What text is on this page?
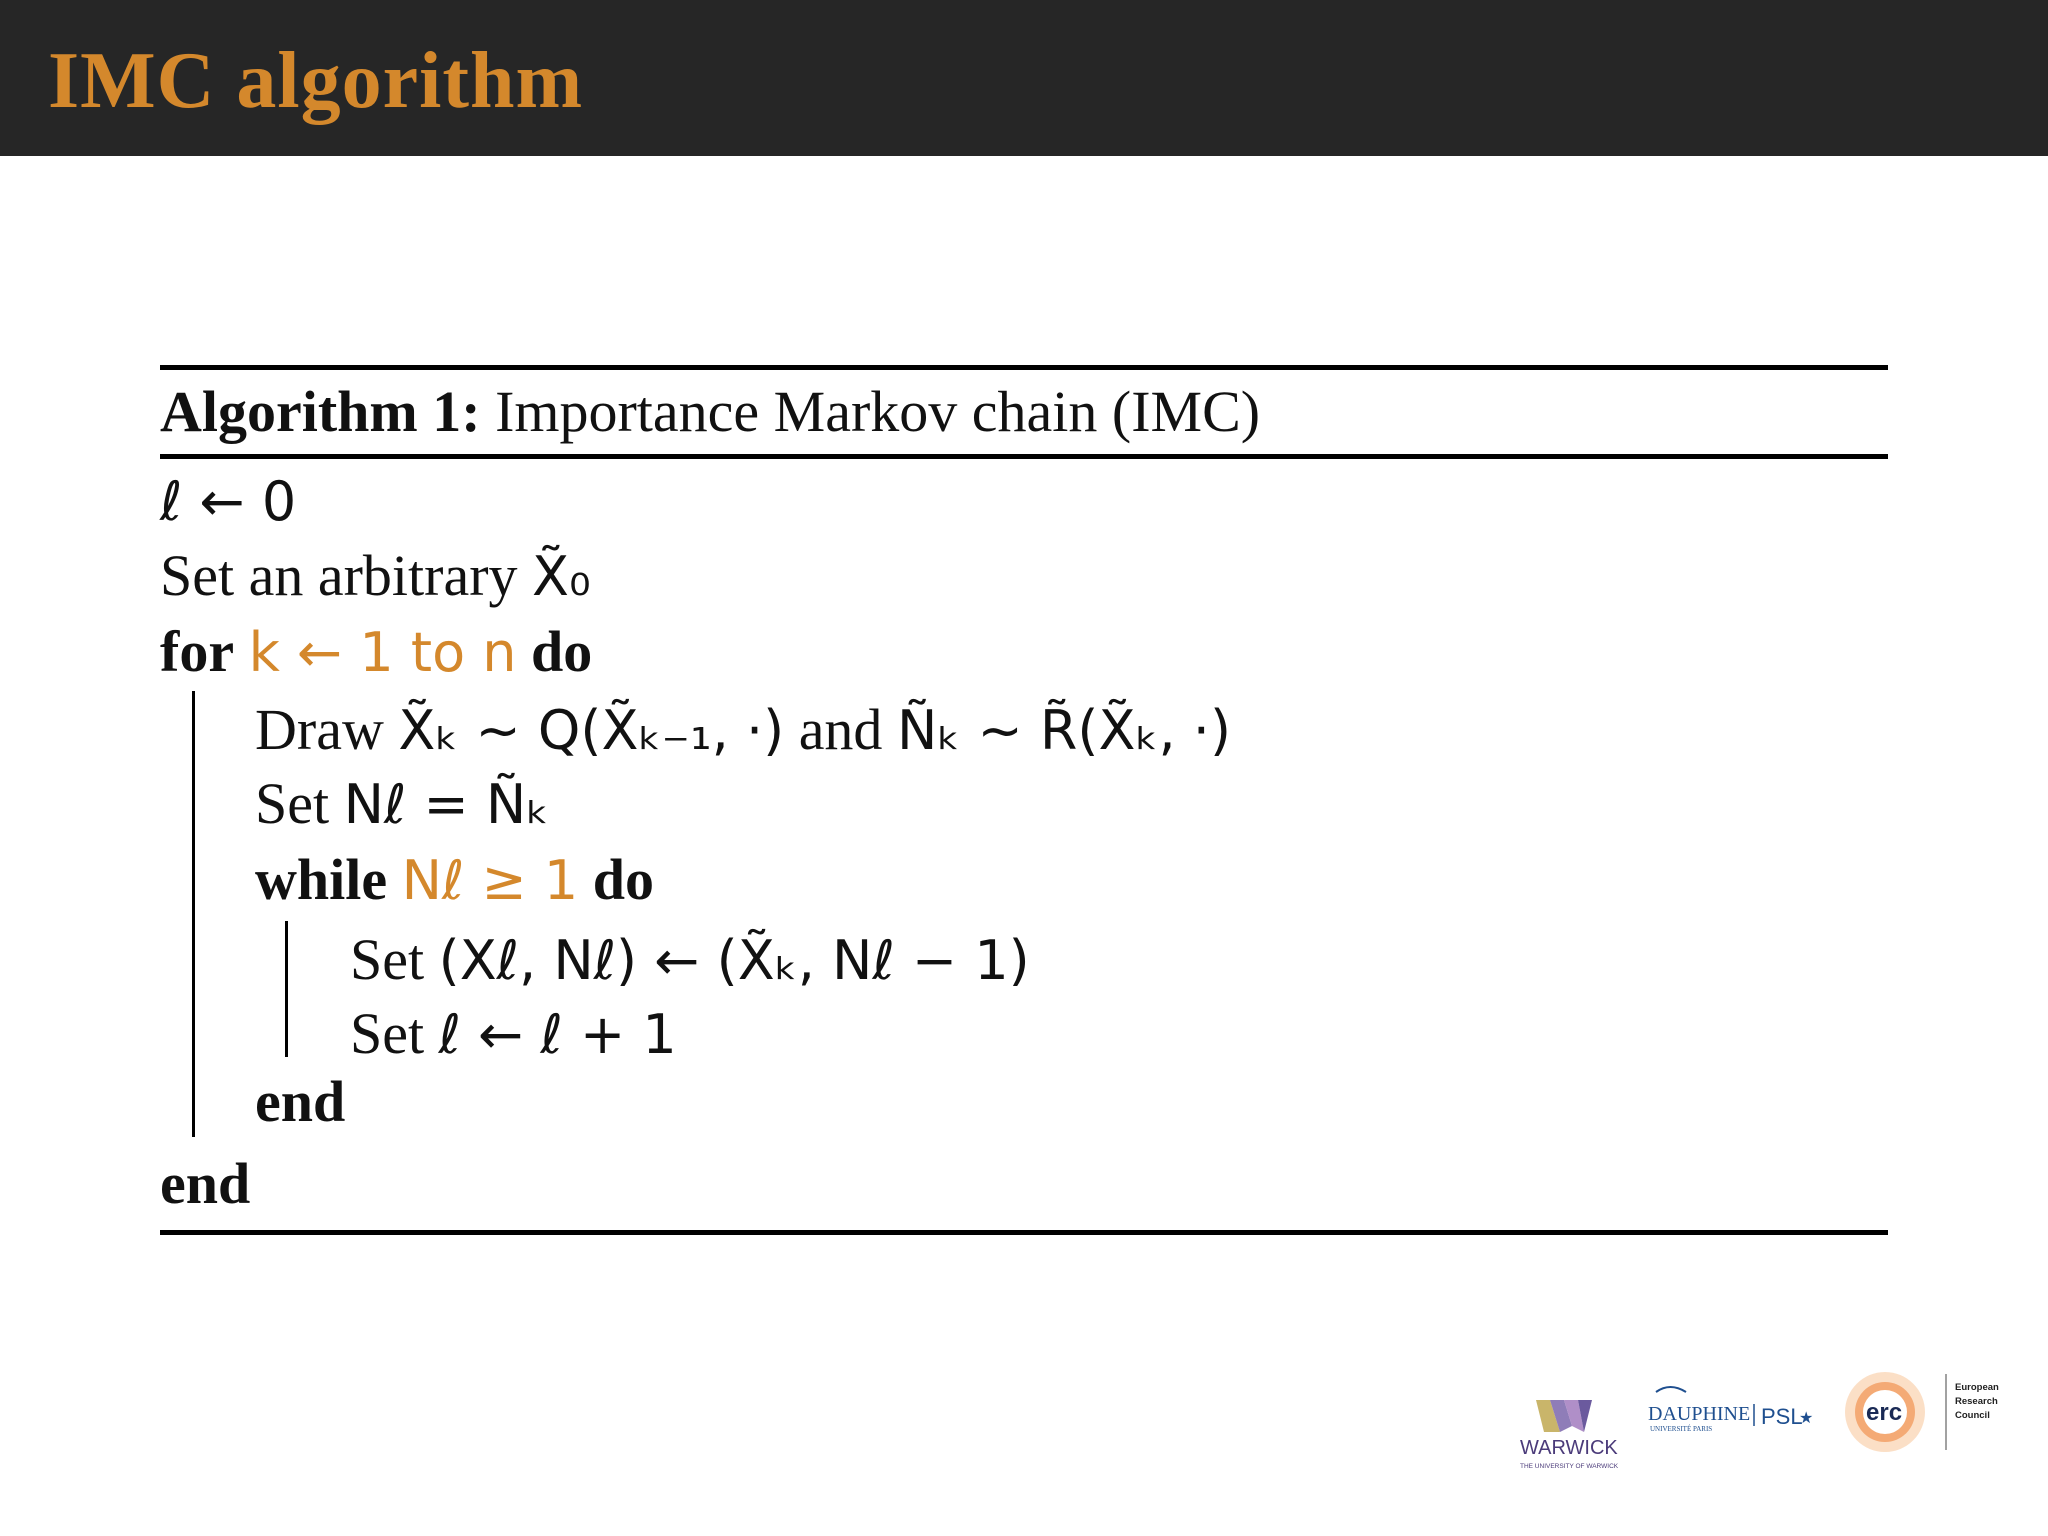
IMC algorithm
Algorithm 1: Importance Markov chain (IMC)
ℓ ← 0
Set an arbitrary X̃₀
for k ← 1 to n do
Draw X̃ₖ ∼ Q(X̃ₖ₋₁, ·) and Ñₖ ∼ R̃(X̃ₖ, ·)
Set Nℓ = Ñₖ
while Nℓ ≥ 1 do
Set (Xℓ, Nℓ) ← (X̃ₖ, Nℓ − 1)
Set ℓ ← ℓ + 1
end
end
WARWICK
THE UNIVERSITY OF WARWICK
DAUPHINE
UNIVERSITÉ PARIS PSL
★ erc
European
Research
Council
